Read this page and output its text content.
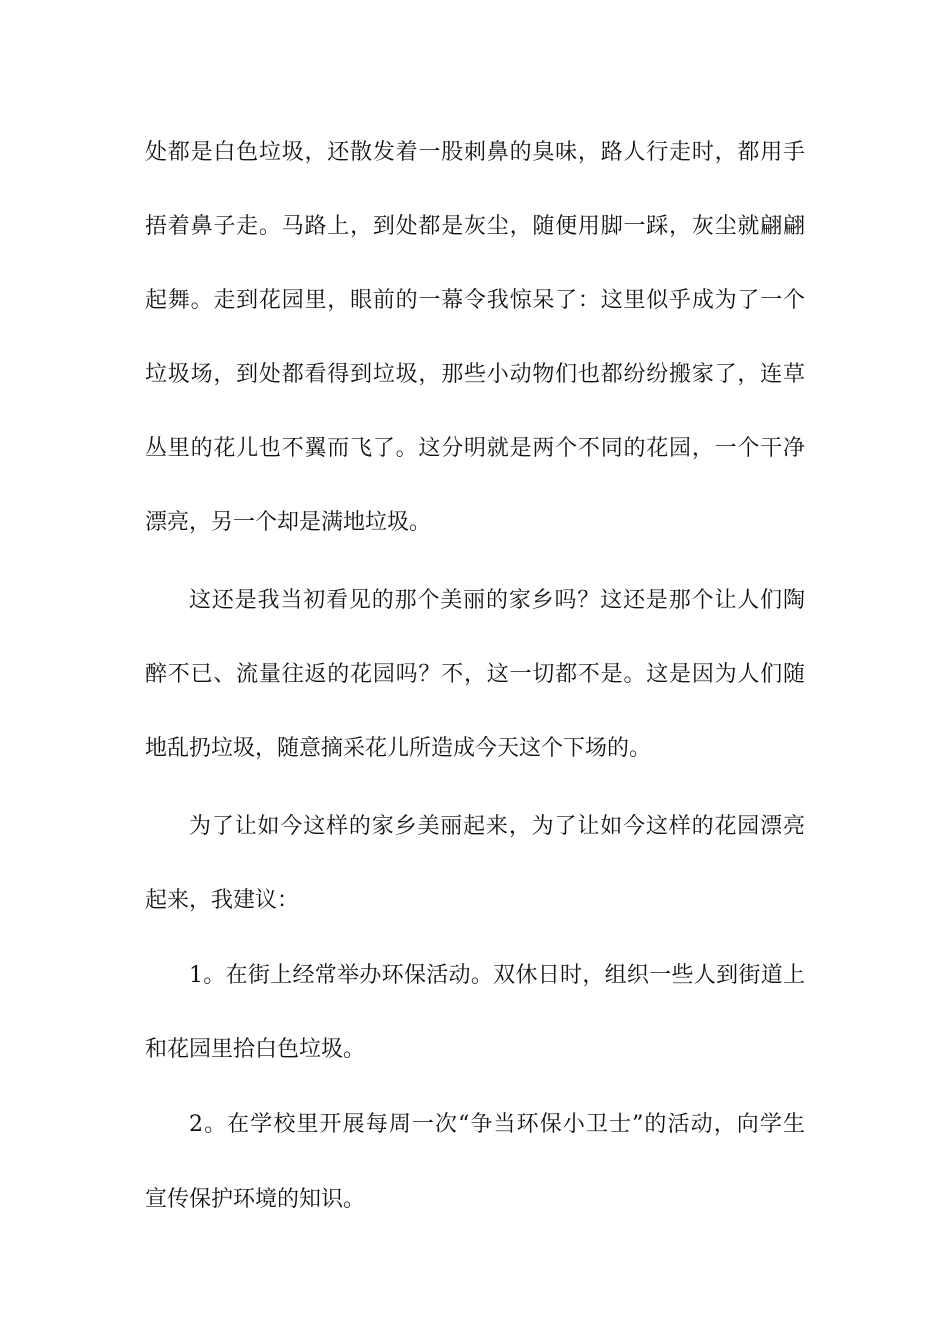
处都是白色垃圾，还散发着一股刺鼻的臭味，路人行走时，都用手
捂着鼻子走。马路上，到处都是灰尘，随便用脚一踩，灰尘就翩翩
起舞。走到花园里，眼前的一幕令我惊呆了：这里似乎成为了一个
垃圾场，到处都看得到垃圾，那些小动物们也都纷纷搬家了，连草
丛里的花儿也不翼而飞了。这分明就是两个不同的花园，一个干净
漂亮，另一个却是满地垃圾。
这还是我当初看见的那个美丽的家乡吗？这还是那个让人们陶
醉不已、流量往返的花园吗？不，这一切都不是。这是因为人们随
地乱扔垃圾，随意摘采花儿所造成今天这个下场的。
为了让如今这样的家乡美丽起来，为了让如今这样的花园漂亮
起来，我建议：
1。在街上经常举办环保活动。双休日时，组织一些人到街道上
和花园里拾白色垃圾。
2。在学校里开展每周一次“争当环保小卫士”的活动，向学生
宣传保护环境的知识。
